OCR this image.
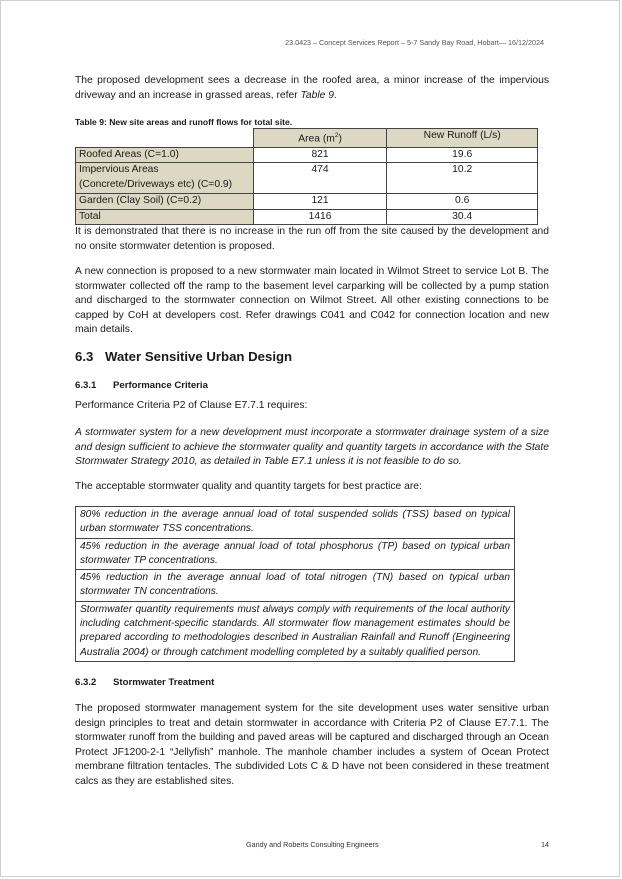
23.0423 – Concept Services Report – 5-7 Sandy Bay Road, Hobart— 16/12/2024
The proposed development sees a decrease in the roofed area, a minor increase of the impervious driveway and an increase in grassed areas, refer Table 9.
Table 9: New site areas and runoff flows for total site.
	Area $(m^2)$	New Runoff (L/s)
Roofed Areas (C=1.0)	821	19.6
Impervious Areas (Concrete/Driveways etc) (C=0.9)	474	10.2
Garden (Clay Soil) (C=0.2)	121	0.6
Total	1416	30.4
It is demonstrated that there is no increase in the run off from the site caused by the development and no onsite stormwater detention is proposed.
A new connection is proposed to a new stormwater main located in Wilmot Street to service Lot B. The stormwater collected off the ramp to the basement level carparking will be collected by a pump station and discharged to the stormwater connection on Wilmot Street. All other existing connections to be capped by CoH at developers cost. Refer drawings C041 and C042 for connection location and new main details.
6.3 Water Sensitive Urban Design
6.3.1 Performance Criteria
Performance Criteria P2 of Clause E7.7.1 requires:
A stormwater system for a new development must incorporate a stormwater drainage system of a size and design sufficient to achieve the stormwater quality and quantity targets in accordance with the State Stormwater Strategy 2010, as detailed in Table E7.1 unless it is not feasible to do so.
The acceptable stormwater quality and quantity targets for best practice are:
80% reduction in the average annual load of total suspended solids (TSS) based on typical urban stormwater TSS concentrations.
45% reduction in the average annual load of total phosphorus (TP) based on typical urban stormwater TP concentrations.
45% reduction in the average annual load of total nitrogen (TN) based on typical urban stormwater TN concentrations.
Stormwater quantity requirements must always comply with requirements of the local authority including catchment-specific standards. All stormwater flow management estimates should be prepared according to methodologies described in Australian Rainfall and Runoff (Engineering Australia 2004) or through catchment modelling completed by a suitably qualified person.
6.3.2 Stormwater Treatment
The proposed stormwater management system for the site development uses water sensitive urban design principles to treat and detain stormwater in accordance with Criteria P2 of Clause E7.7.1. The stormwater runoff from the building and paved areas will be captured and discharged through an Ocean Protect JF1200-2-1 “Jellyfish” manhole. The manhole chamber includes a system of Ocean Protect membrane filtration tentacles. The subdivided Lots C & D have not been considered in these treatment calcs as they are established sites.
Gandy and Roberts Consulting Engineers	14
